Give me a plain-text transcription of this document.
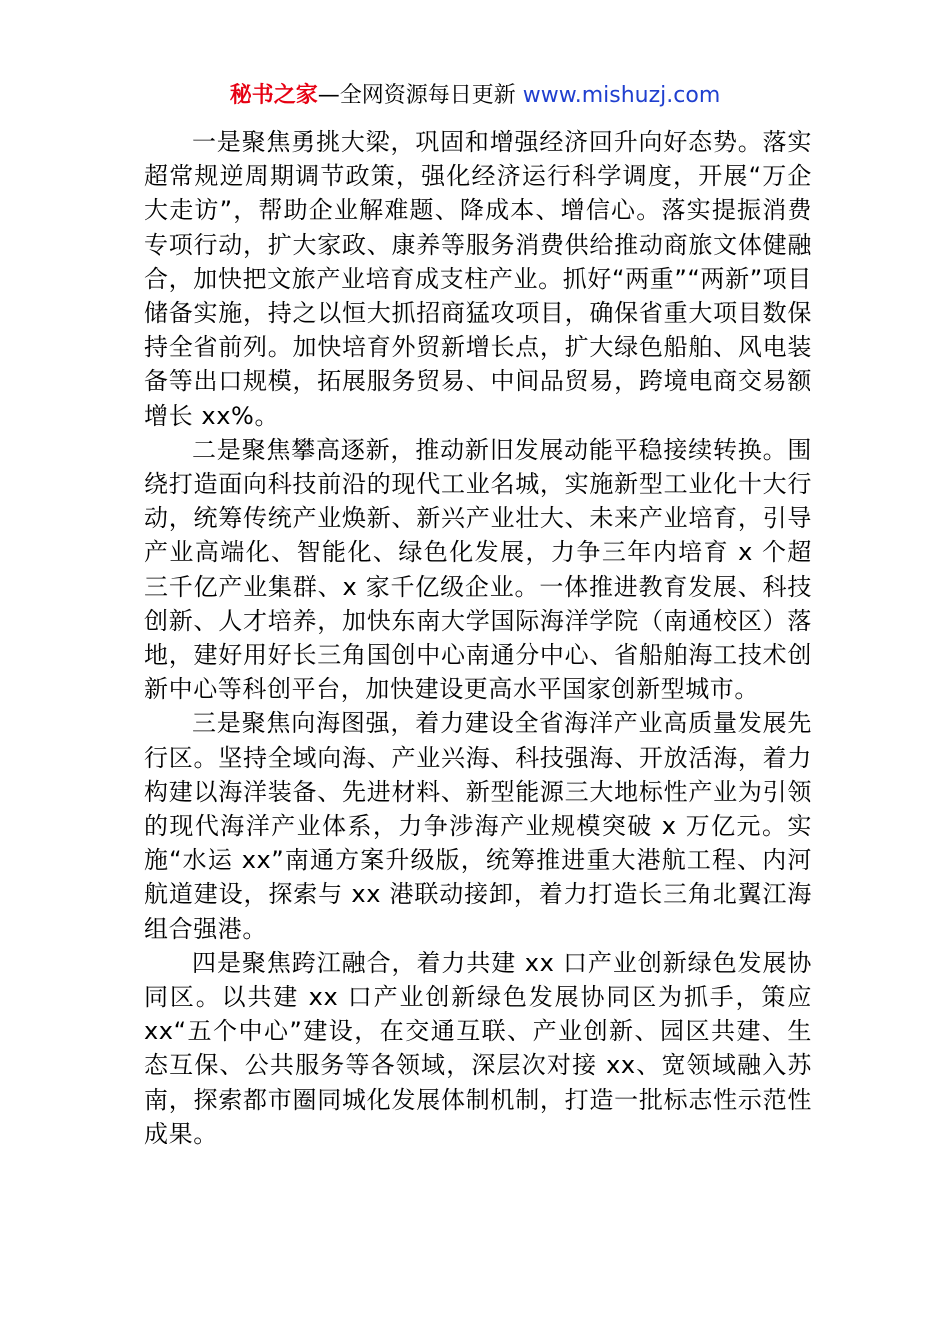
秘书之家—全网资源每日更新 www.mishuzj.com

一是聚焦勇挑大梁，巩固和增强经济回升向好态势。落实超常规逆周期调节政策，强化经济运行科学调度，开展“万企大走访”，帮助企业解难题、降成本、增信心。落实提振消费专项行动，扩大家政、康养等服务消费供给推动商旅文体健融合，加快把文旅产业培育成支柱产业。抓好“两重”“两新”项目储备实施，持之以恒大抓招商猛攻项目，确保省重大项目数保持全省前列。加快培育外贸新增长点，扩大绿色船舶、风电装备等出口规模，拓展服务贸易、中间品贸易，跨境电商交易额增长 xx%。

二是聚焦攀高逐新，推动新旧发展动能平稳接续转换。围绕打造面向科技前沿的现代工业名城，实施新型工业化十大行动，统筹传统产业焕新、新兴产业壮大、未来产业培育，引导产业高端化、智能化、绿色化发展，力争三年内培育 x 个超三千亿产业集群、x 家千亿级企业。一体推进教育发展、科技创新、人才培养，加快东南大学国际海洋学院（南通校区）落地，建好用好长三角国创中心南通分中心、省船舶海工技术创新中心等科创平台，加快建设更高水平国家创新型城市。

三是聚焦向海图强，着力建设全省海洋产业高质量发展先行区。坚持全域向海、产业兴海、科技强海、开放活海，着力构建以海洋装备、先进材料、新型能源三大地标性产业为引领的现代海洋产业体系，力争涉海产业规模突破 x 万亿元。实施“水运 xx”南通方案升级版，统筹推进重大港航工程、内河航道建设，探索与 xx 港联动接卸，着力打造长三角北翼江海组合强港。

四是聚焦跨江融合，着力共建 xx 口产业创新绿色发展协同区。以共建 xx 口产业创新绿色发展协同区为抓手，策应 xx“五个中心”建设，在交通互联、产业创新、园区共建、生态互保、公共服务等各领域，深层次对接 xx、宽领域融入苏南，探索都市圈同城化发展体制机制，打造一批标志性示范性成果。
